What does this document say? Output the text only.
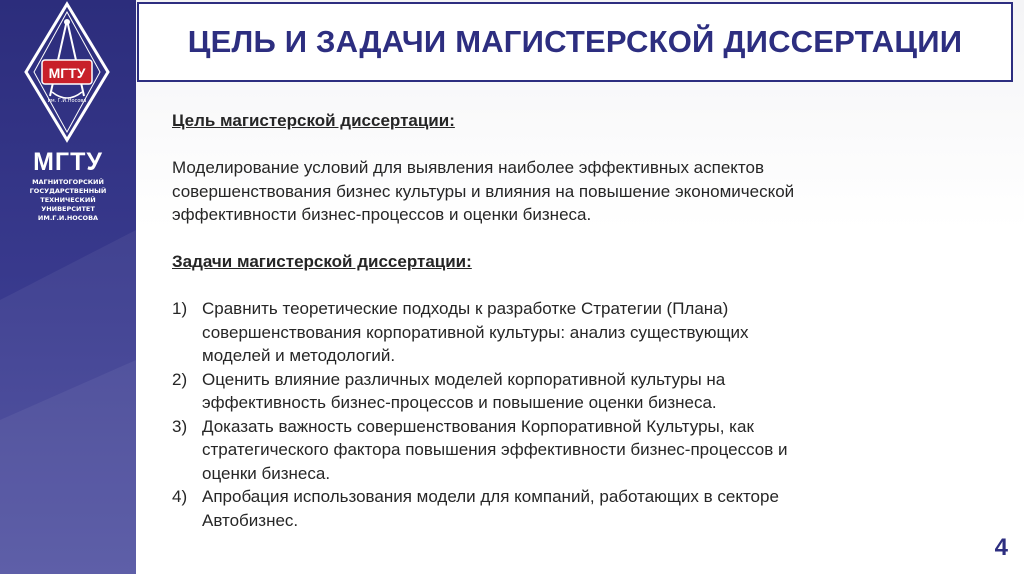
МГТУ
им. Г.И.Носова
МГТУ
МАГНИТОГОРСКИЙ
ГОСУДАРСТВЕННЫЙ
ТЕХНИЧЕСКИЙ
УНИВЕРСИТЕТ
ИМ.Г.И.НОСОВА
ЦЕЛЬ И ЗАДАЧИ МАГИСТЕРСКОЙ ДИССЕРТАЦИИ

Цель магистерской диссертации:

Моделирование условий для выявления наиболее эффективных аспектов
совершенствования бизнес культуры и влияния на повышение экономической
эффективности бизнес-процессов и оценки бизнеса.

Задачи магистерской диссертации:

1) Сравнить теоретические подходы к разработке Стратегии (Плана)
совершенствования корпоративной культуры: анализ существующих
моделей и методологий.
2) Оценить влияние различных моделей корпоративной культуры на
эффективность бизнес-процессов и повышение оценки бизнеса.
3) Доказать важность совершенствования Корпоративной Культуры, как
стратегического фактора повышения эффективности бизнес-процессов и
оценки бизнеса.
4) Апробация использования модели для компаний, работающих в секторе
Автобизнес.
4
